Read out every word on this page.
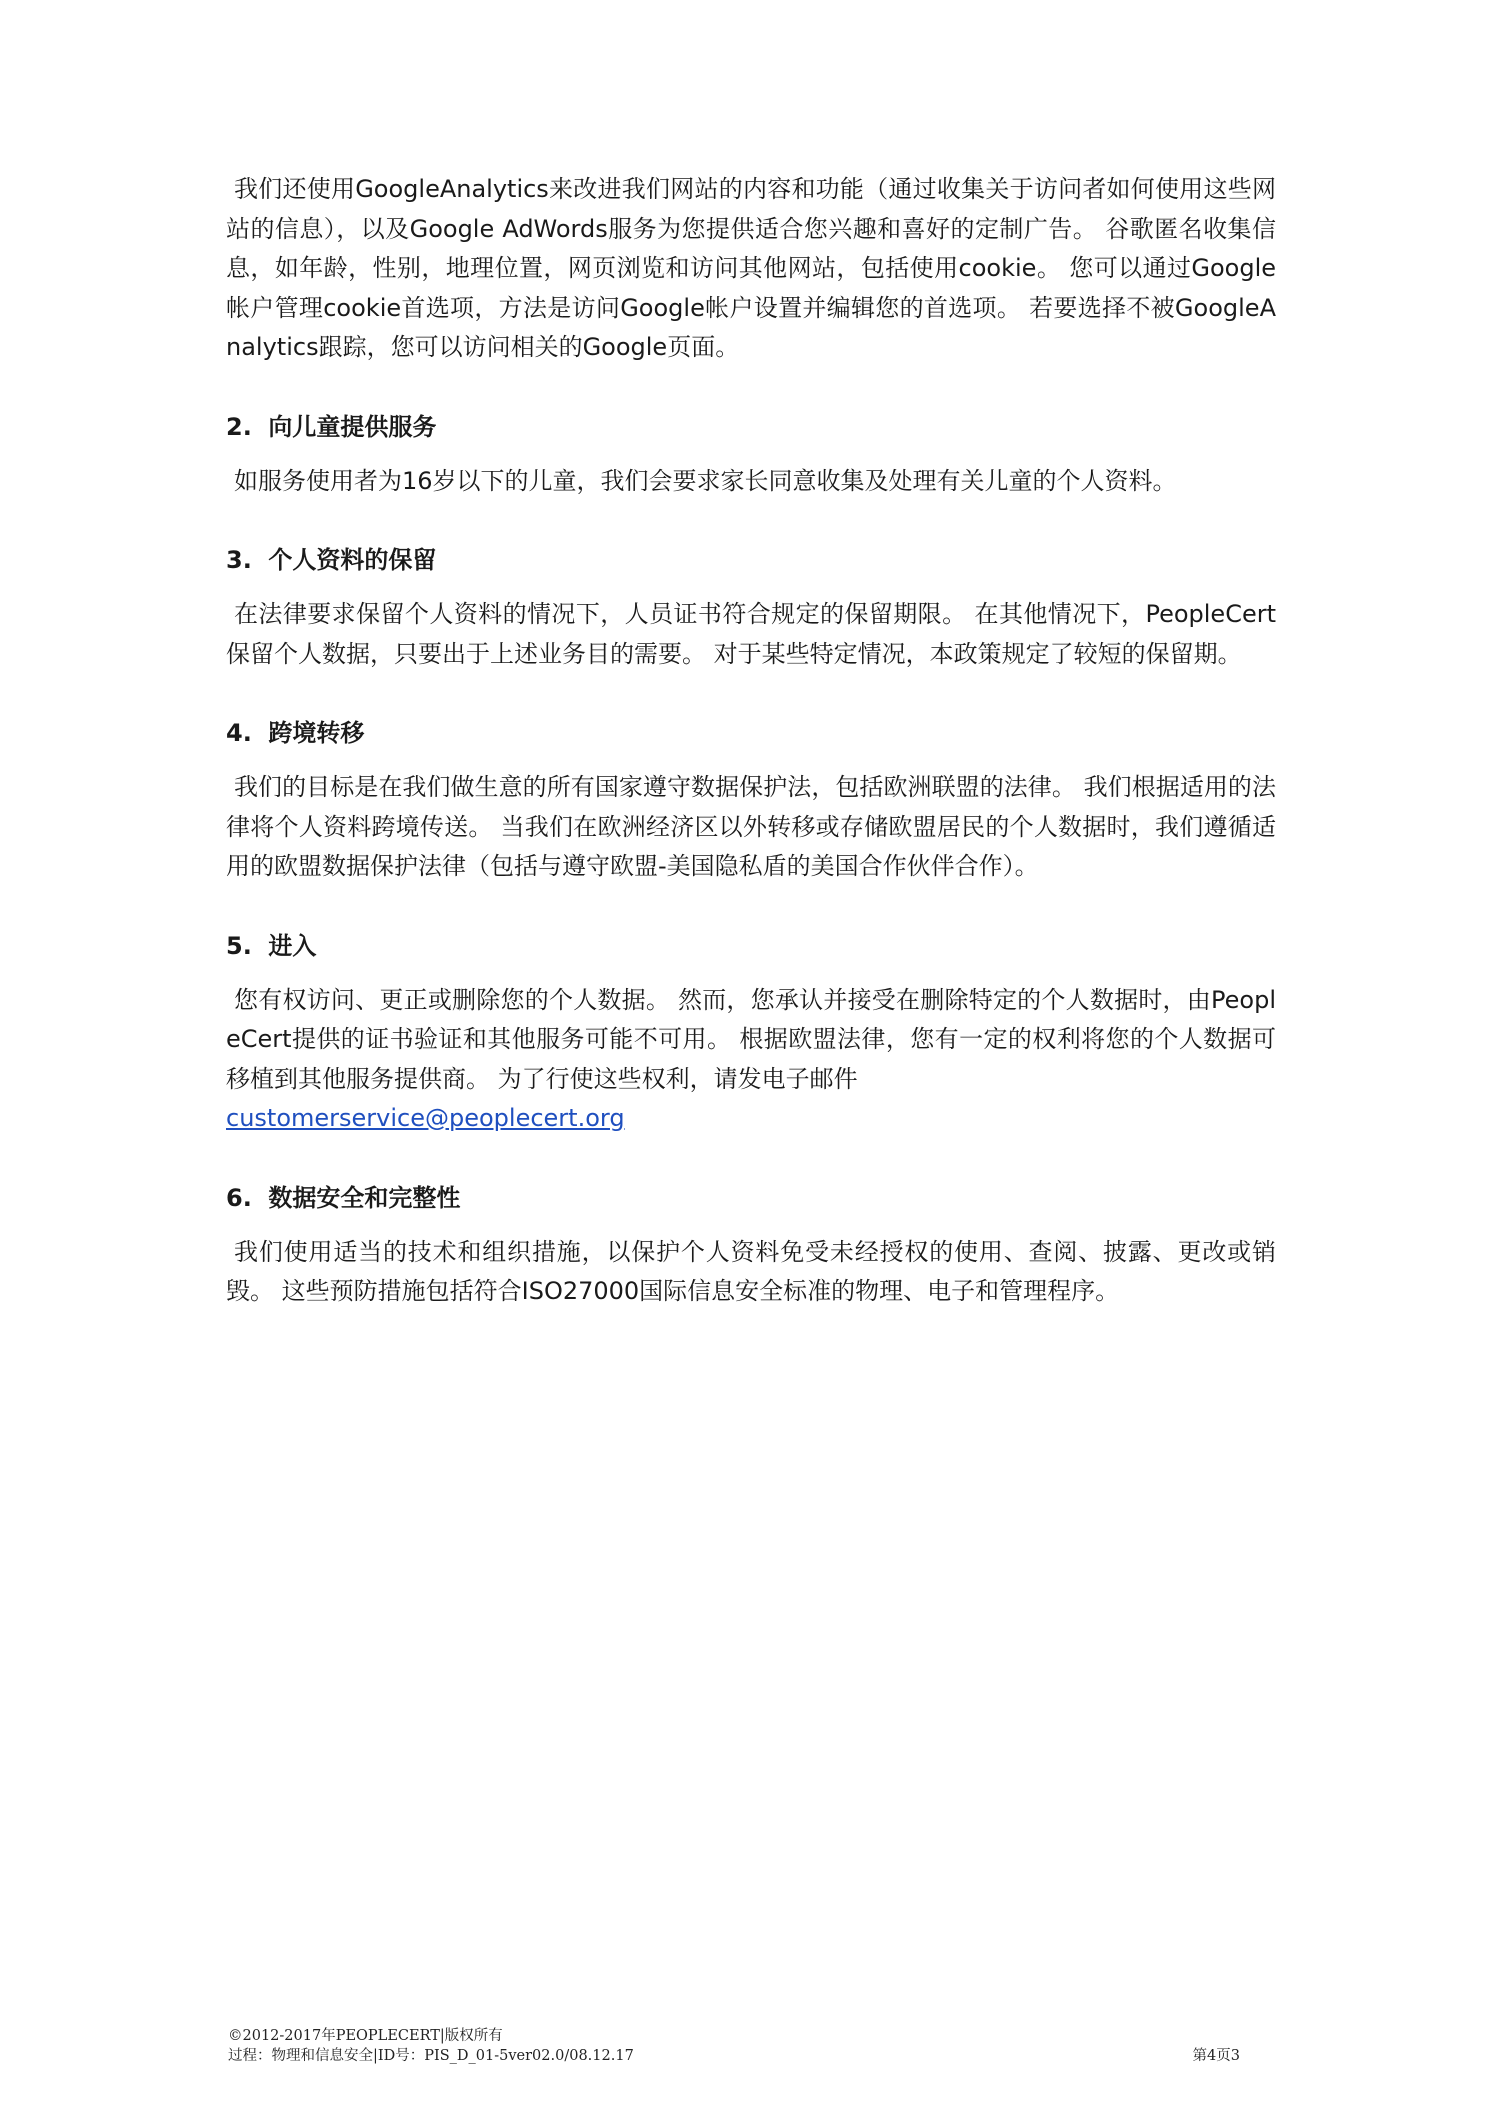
我们还使用GoogleAnalytics来改进我们网站的内容和功能（通过收集关于访问者如何使用这些网站的信息），以及Google AdWords服务为您提供适合您兴趣和喜好的定制广告。 谷歌匿名收集信息，如年龄，性别，地理位置，网页浏览和访问其他网站，包括使用cookie。 您可以通过Google帐户管理cookie首选项，方法是访问Google帐户设置并编辑您的首选项。 若要选择不被GoogleAnalytics跟踪，您可以访问相关的Google页面。

2. 向儿童提供服务

如服务使用者为16岁以下的儿童，我们会要求家长同意收集及处理有关儿童的个人资料。

3. 个人资料的保留

在法律要求保留个人资料的情况下，人员证书符合规定的保留期限。 在其他情况下，PeopleCert保留个人数据，只要出于上述业务目的需要。 对于某些特定情况，本政策规定了较短的保留期。

4. 跨境转移

我们的目标是在我们做生意的所有国家遵守数据保护法，包括欧洲联盟的法律。 我们根据适用的法律将个人资料跨境传送。 当我们在欧洲经济区以外转移或存储欧盟居民的个人数据时，我们遵循适用的欧盟数据保护法律（包括与遵守欧盟-美国隐私盾的美国合作伙伴合作）。

5. 进入

您有权访问、更正或删除您的个人数据。 然而，您承认并接受在删除特定的个人数据时，由PeopleCert提供的证书验证和其他服务可能不可用。 根据欧盟法律，您有一定的权利将您的个人数据可移植到其他服务提供商。 为了行使这些权利，请发电子邮件
customerservice@peoplecert.org

6. 数据安全和完整性

我们使用适当的技术和组织措施，以保护个人资料免受未经授权的使用、查阅、披露、更改或销毁。 这些预防措施包括符合ISO27000国际信息安全标准的物理、电子和管理程序。

©2012-2017年PEOPLECERT|版权所有
过程：物理和信息安全|ID号：PIS_D_01-5ver02.0/08.12.17	第4页3
